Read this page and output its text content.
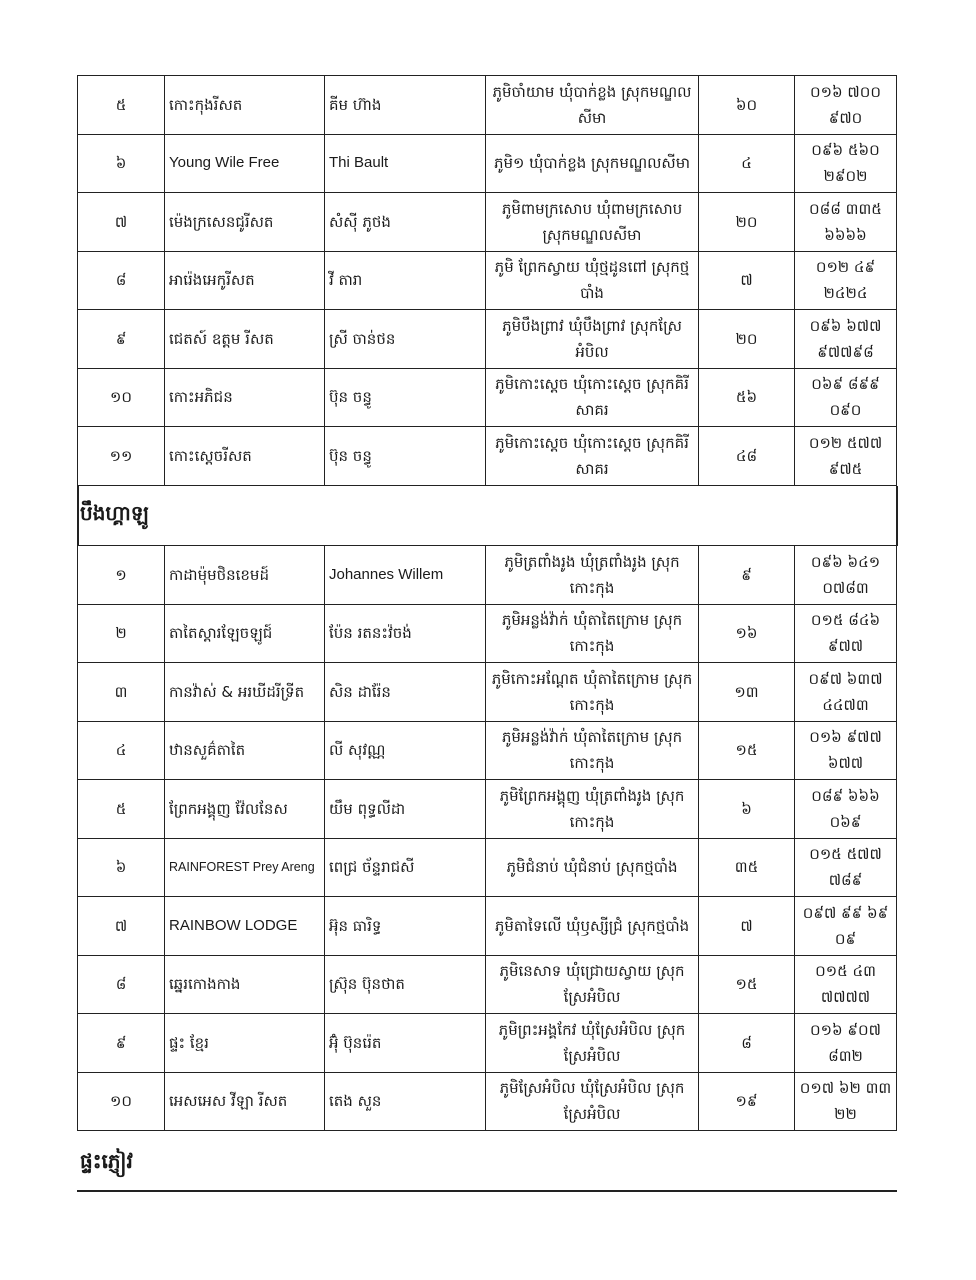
៥	កោះកុងរីសត	គីម ហ៊ាង	ភូមិចាំយាម ឃុំបាក់ខ្លង ស្រុកមណ្ឌលសីមា	៦០	០១៦ ៧០០ ៩៧០
៦	Young Wile Free	Thi Bault	ភូមិ១ ឃុំបាក់ខ្លង ស្រុកមណ្ឌលសីមា	៤	០៩៦ ៥៦០ ២៩០២
៧	ម៉េងក្រសេនជូរីសត	សំស៊ី ភូថង	ភូមិពាមក្រសោប ឃុំពាមក្រសោប ស្រុកមណ្ឌលសីមា	២០	០៨៨ ៣៣៥ ៦៦៦៦
៨	អារ៉េងអេកូរីសត	វី តារា	ភូមិ ព្រែកស្វាយ ឃុំថ្មដូនពៅ ស្រុកថ្មបាំង	៧	០១២ ៤៩ ២៤២៤
៩	ជេតស៍ ឧត្តម រីសត	ស្រី ចាន់ថន	ភូមិបឹងព្រាវ ឃុំបឹងព្រាវ ស្រុកស្រែអំបិល	២០	០៩៦ ៦៧៧ ៩៧៧៩៨
១០	កោះអភិជន	ប៊ុន ចន្ធូ	ភូមិកោះស្ដេច ឃុំកោះស្ដេច ស្រុកគិរីសាគរ	៥៦	០៦៩ ៨៩៩ ០៩០
១១	កោះស្ដេចរីសត	ប៊ុន ចន្ធូ	ភូមិកោះស្ដេច ឃុំកោះស្ដេច ស្រុកគិរីសាគរ	៤៨	០១២ ៥៧៧ ៩៧៥
បឹងហ្គាឡូ
១	កាដាម៉ុមថិនខេមដ៍	Johannes Willem	ភូមិត្រពាំងរូង ឃុំត្រពាំងរូង ស្រុកកោះកុង	៩	០៩៦ ៦៤១ ០៧៨៣
២	តាតៃស្ដារឡែចឡូជ៍	ប៉ែន រតនះវ៉ចង់	ភូមិអន្លង់វ៉ាក់ ឃុំតាតៃក្រោម ស្រុកកោះកុង	១៦	០១៥ ៨៤៦ ៩៧៧
៣	កានវ៉ាស់ & អរឃីដរីទ្រីត	សិន ដារ៉ែន	ភូមិកោះអណ្ដែត ឃុំតាតៃក្រោម ស្រុកកោះកុង	១៣	០៩៧ ៦៣៧ ៤៤៧៣
៤	ឋានសួគ៌តាតៃ	លី សុវណ្ណ	ភូមិអន្លង់វ៉ាក់ ឃុំតាតៃក្រោម ស្រុកកោះកុង	១៥	០១៦ ៩៧៧ ៦៧៧
៥	ព្រែកអង្គុញ វ៉ែលនែស	យឹម ពុទ្ធលីដា	ភូមិព្រែកអង្គុញ ឃុំត្រពាំងរូង ស្រុកកោះកុង	៦	០៨៩ ៦៦៦ ០៦៩
៦	RAINFOREST Prey Areng	ពេជ្រ ច័ន្ទរាជសី	ភូមិជំនាប់ ឃុំជំនាប់ ស្រុកថ្មបាំង	៣៥	០១៥ ៥៧៧ ៧៨៩
៧	RAINBOW LODGE	អ៊ុន ធារិទ្ធ	ភូមិតាទៃលើ ឃុំឫស្សីជ្រំ ស្រុកថ្មបាំង	៧	០៩៧ ៩៩ ៦៩ ០៩
៨	ឆ្នេរកោងកាង	ស៊្រុន ប៊ុនថាត	ភូមិនេសាទ ឃុំជ្រោយស្វាយ ស្រុកស្រែអំបិល	១៥	០១៥ ៤៣ ៧៧៧៧
៩	ផ្ទះ ខ្មែរ	អ៊ុំ ប៊ុនរ៉េត	ភូមិព្រះអង្គកែវ ឃុំស្រែអំបិល ស្រុកស្រែអំបិល	៨	០១៦ ៩០៧ ៨៣២
១០	អេសអេស វីឡា រីសត	តេង សួន	ភូមិស្រែអំបិល ឃុំស្រែអំបិល ស្រុកស្រែអំបិល	១៩	០១៧ ៦២ ៣៣ ២២
ផ្ទះភ្ញៀវ
